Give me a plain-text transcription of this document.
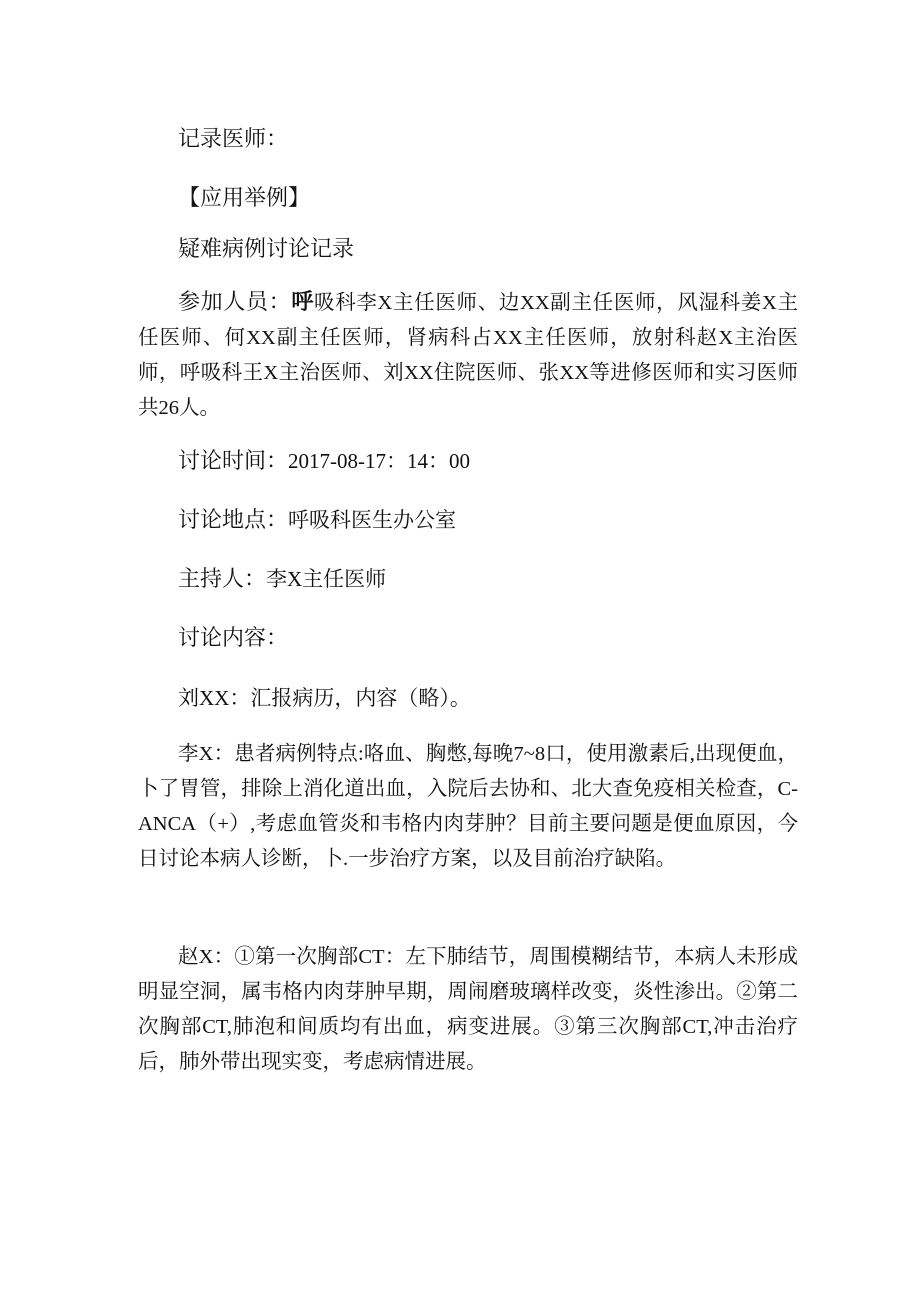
记录医师：
【应用举例】
疑难病例讨论记录
参加人员：呼吸科李X主任医师、边XX副主任医师，风湿科姜X主任医师、何XX副主任医师，肾病科占XX主任医师，放射科赵X主治医师，呼吸科王X主治医师、刘XX住院医师、张XX等进修医师和实习医师共26人。
讨论时间：2017-08-17：14：00
讨论地点：呼吸科医生办公室
主持人：李X主任医师
讨论内容：
刘XX：汇报病历，内容（略）。
李X：患者病例特点:咯血、胸憋,每晚7~8口，使用激素后,出现便血，卜了胃管，排除上消化道出血，入院后去协和、北大查免疫相关检查，C-ANCA（+）,考虑血管炎和韦格内肉芽肿？目前主要问题是便血原因，今日讨论本病人诊断，卜.一步治疗方案，以及目前治疗缺陷。
赵X：①第一次胸部CT：左下肺结节，周围模糊结节，本病人未形成明显空洞，属韦格内肉芽肿早期，周闹磨玻璃样改变，炎性渗出。②第二次胸部CT,肺泡和间质均有出血，病变进展。③第三次胸部CT,冲击治疗后，肺外带出现实变，考虑病情进展。
